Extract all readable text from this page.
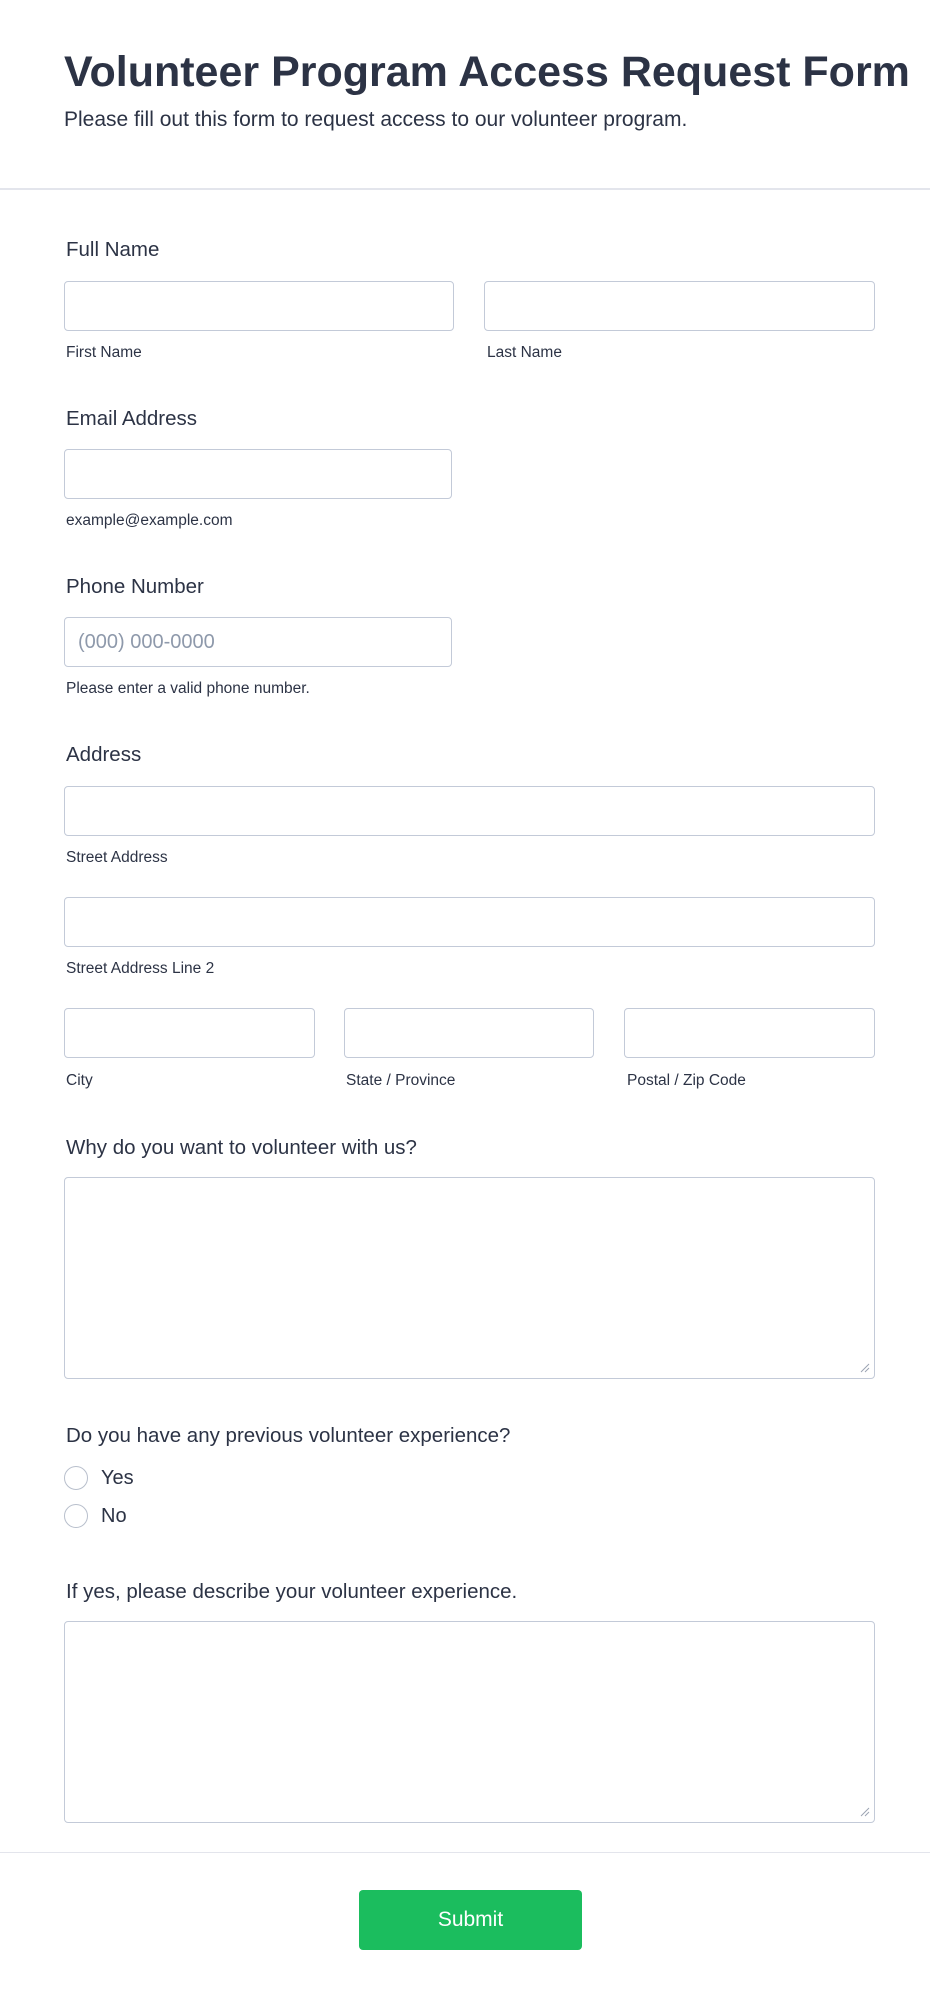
Volunteer Program Access Request Form

Please fill out this form to request access to our volunteer program.

Full Name
First Name	Last Name
Email Address
example@example.com
Phone Number
(000) 000-0000
Please enter a valid phone number.
Address
Street Address
Street Address Line 2
City	State / Province	Postal / Zip Code
Why do you want to volunteer with us?
Do you have any previous volunteer experience?
Yes
No
If yes, please describe your volunteer experience.
Submit
